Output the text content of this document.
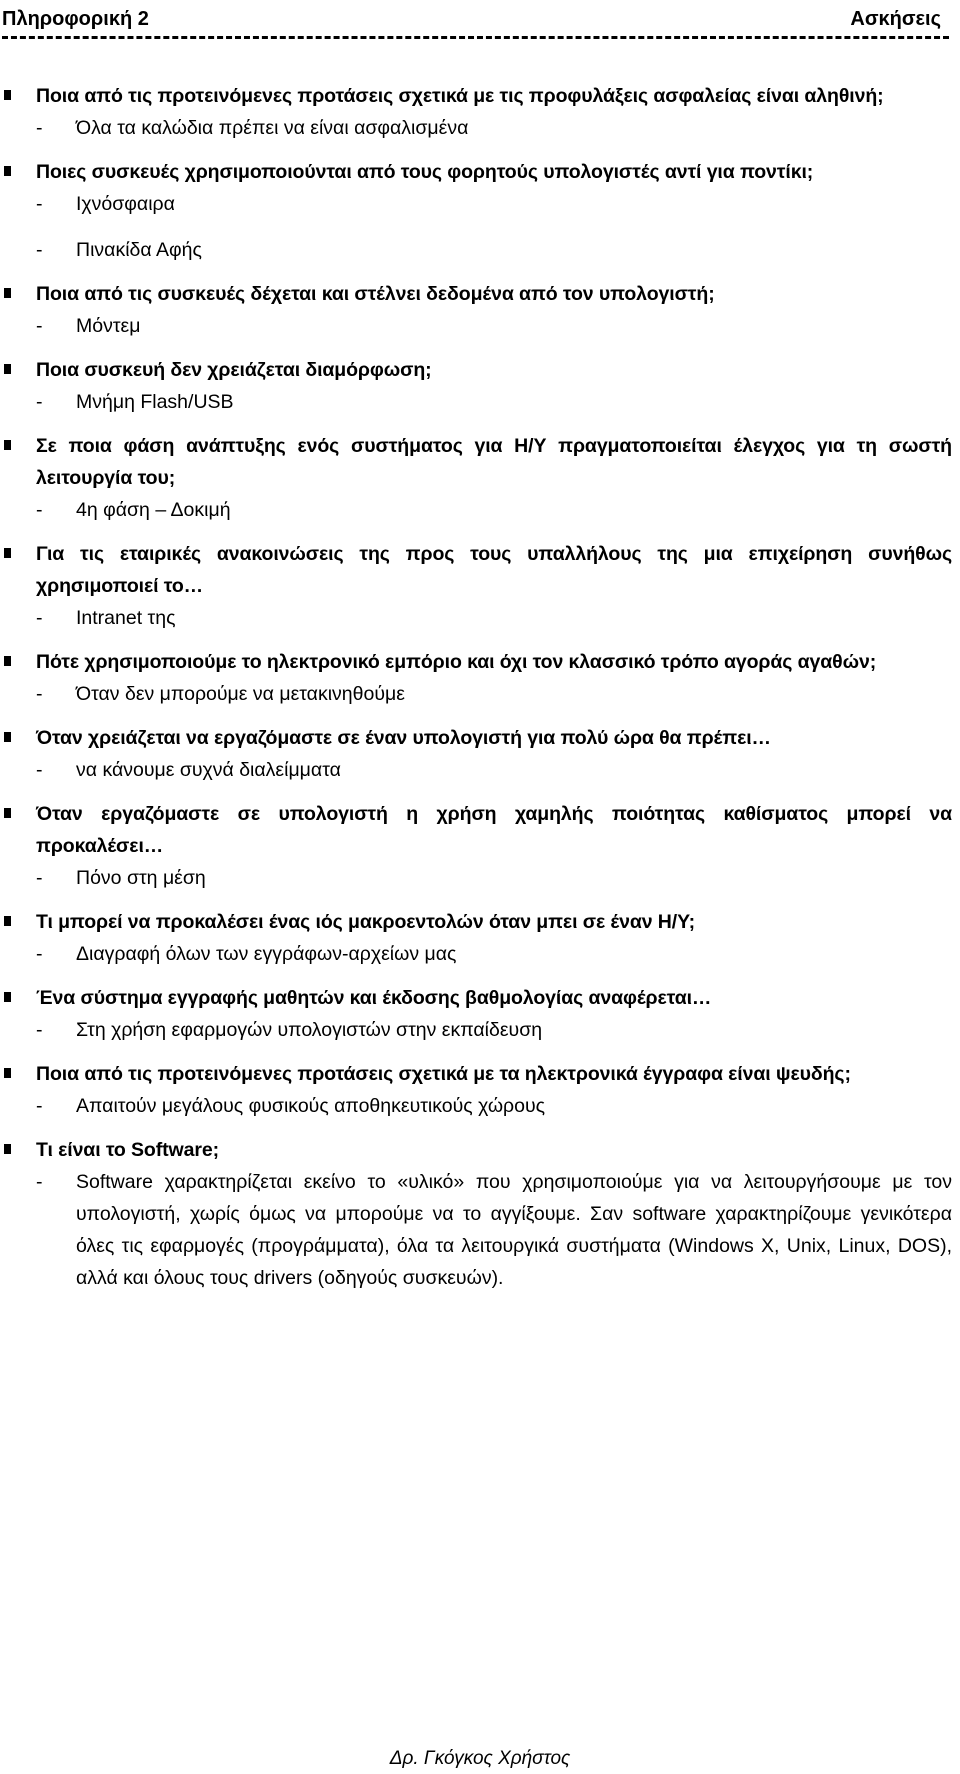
Πληροφορική 2	Ασκήσεις

Ποια από τις προτεινόμενες προτάσεις σχετικά με τις προφυλάξεις ασφαλείας είναι αληθινή;

-	Όλα τα καλώδια πρέπει να είναι ασφαλισμένα

Ποιες συσκευές χρησιμοποιούνται από τους φορητούς υπολογιστές αντί για ποντίκι;

-	Ιχνόσφαιρα
-	Πινακίδα Αφής

Ποια από τις συσκευές δέχεται και στέλνει δεδομένα από τον υπολογιστή;

-	Μόντεμ

Ποια συσκευή δεν χρειάζεται διαμόρφωση;

-	Μνήμη Flash/USB

Σε ποια φάση ανάπτυξης ενός συστήματος για Η/Υ πραγματοποιείται έλεγχος για τη σωστή λειτουργία του;

-	4η φάση – Δοκιμή

Για τις εταιρικές ανακοινώσεις της προς τους υπαλλήλους της μια επιχείρηση συνήθως χρησιμοποιεί το…

-	Intranet της

Πότε χρησιμοποιούμε το ηλεκτρονικό εμπόριο και όχι τον κλασσικό τρόπο αγοράς αγαθών;

-	Όταν δεν μπορούμε να μετακινηθούμε

Όταν χρειάζεται να εργαζόμαστε σε έναν υπολογιστή για πολύ ώρα θα πρέπει…

-	να κάνουμε συχνά διαλείμματα

Όταν εργαζόμαστε σε υπολογιστή η χρήση χαμηλής ποιότητας καθίσματος μπορεί να προκαλέσει…

-	Πόνο στη μέση

Τι μπορεί να προκαλέσει ένας ιός μακροεντολών όταν μπει σε έναν Η/Υ;

-	Διαγραφή όλων των εγγράφων-αρχείων μας

Ένα σύστημα εγγραφής μαθητών και έκδοσης βαθμολογίας αναφέρεται…

-	Στη χρήση εφαρμογών υπολογιστών στην εκπαίδευση

Ποια από τις προτεινόμενες προτάσεις σχετικά με τα ηλεκτρονικά έγγραφα είναι ψευδής;

-	Απαιτούν μεγάλους φυσικούς αποθηκευτικούς χώρους

Τι είναι το Software;

-	Software χαρακτηρίζεται εκείνο το «υλικό» που χρησιμοποιούμε για να λειτουργήσουμε με τον υπολογιστή, χωρίς όμως να μπορούμε να το αγγίξουμε. Σαν software χαρακτηρίζουμε γενικότερα όλες τις εφαρμογές (προγράμματα), όλα τα λειτουργικά συστήματα (Windows X, Unix, Linux, DOS), αλλά και όλους τους drivers (οδηγούς συσκευών).
Δρ. Γκόγκος Χρήστος
